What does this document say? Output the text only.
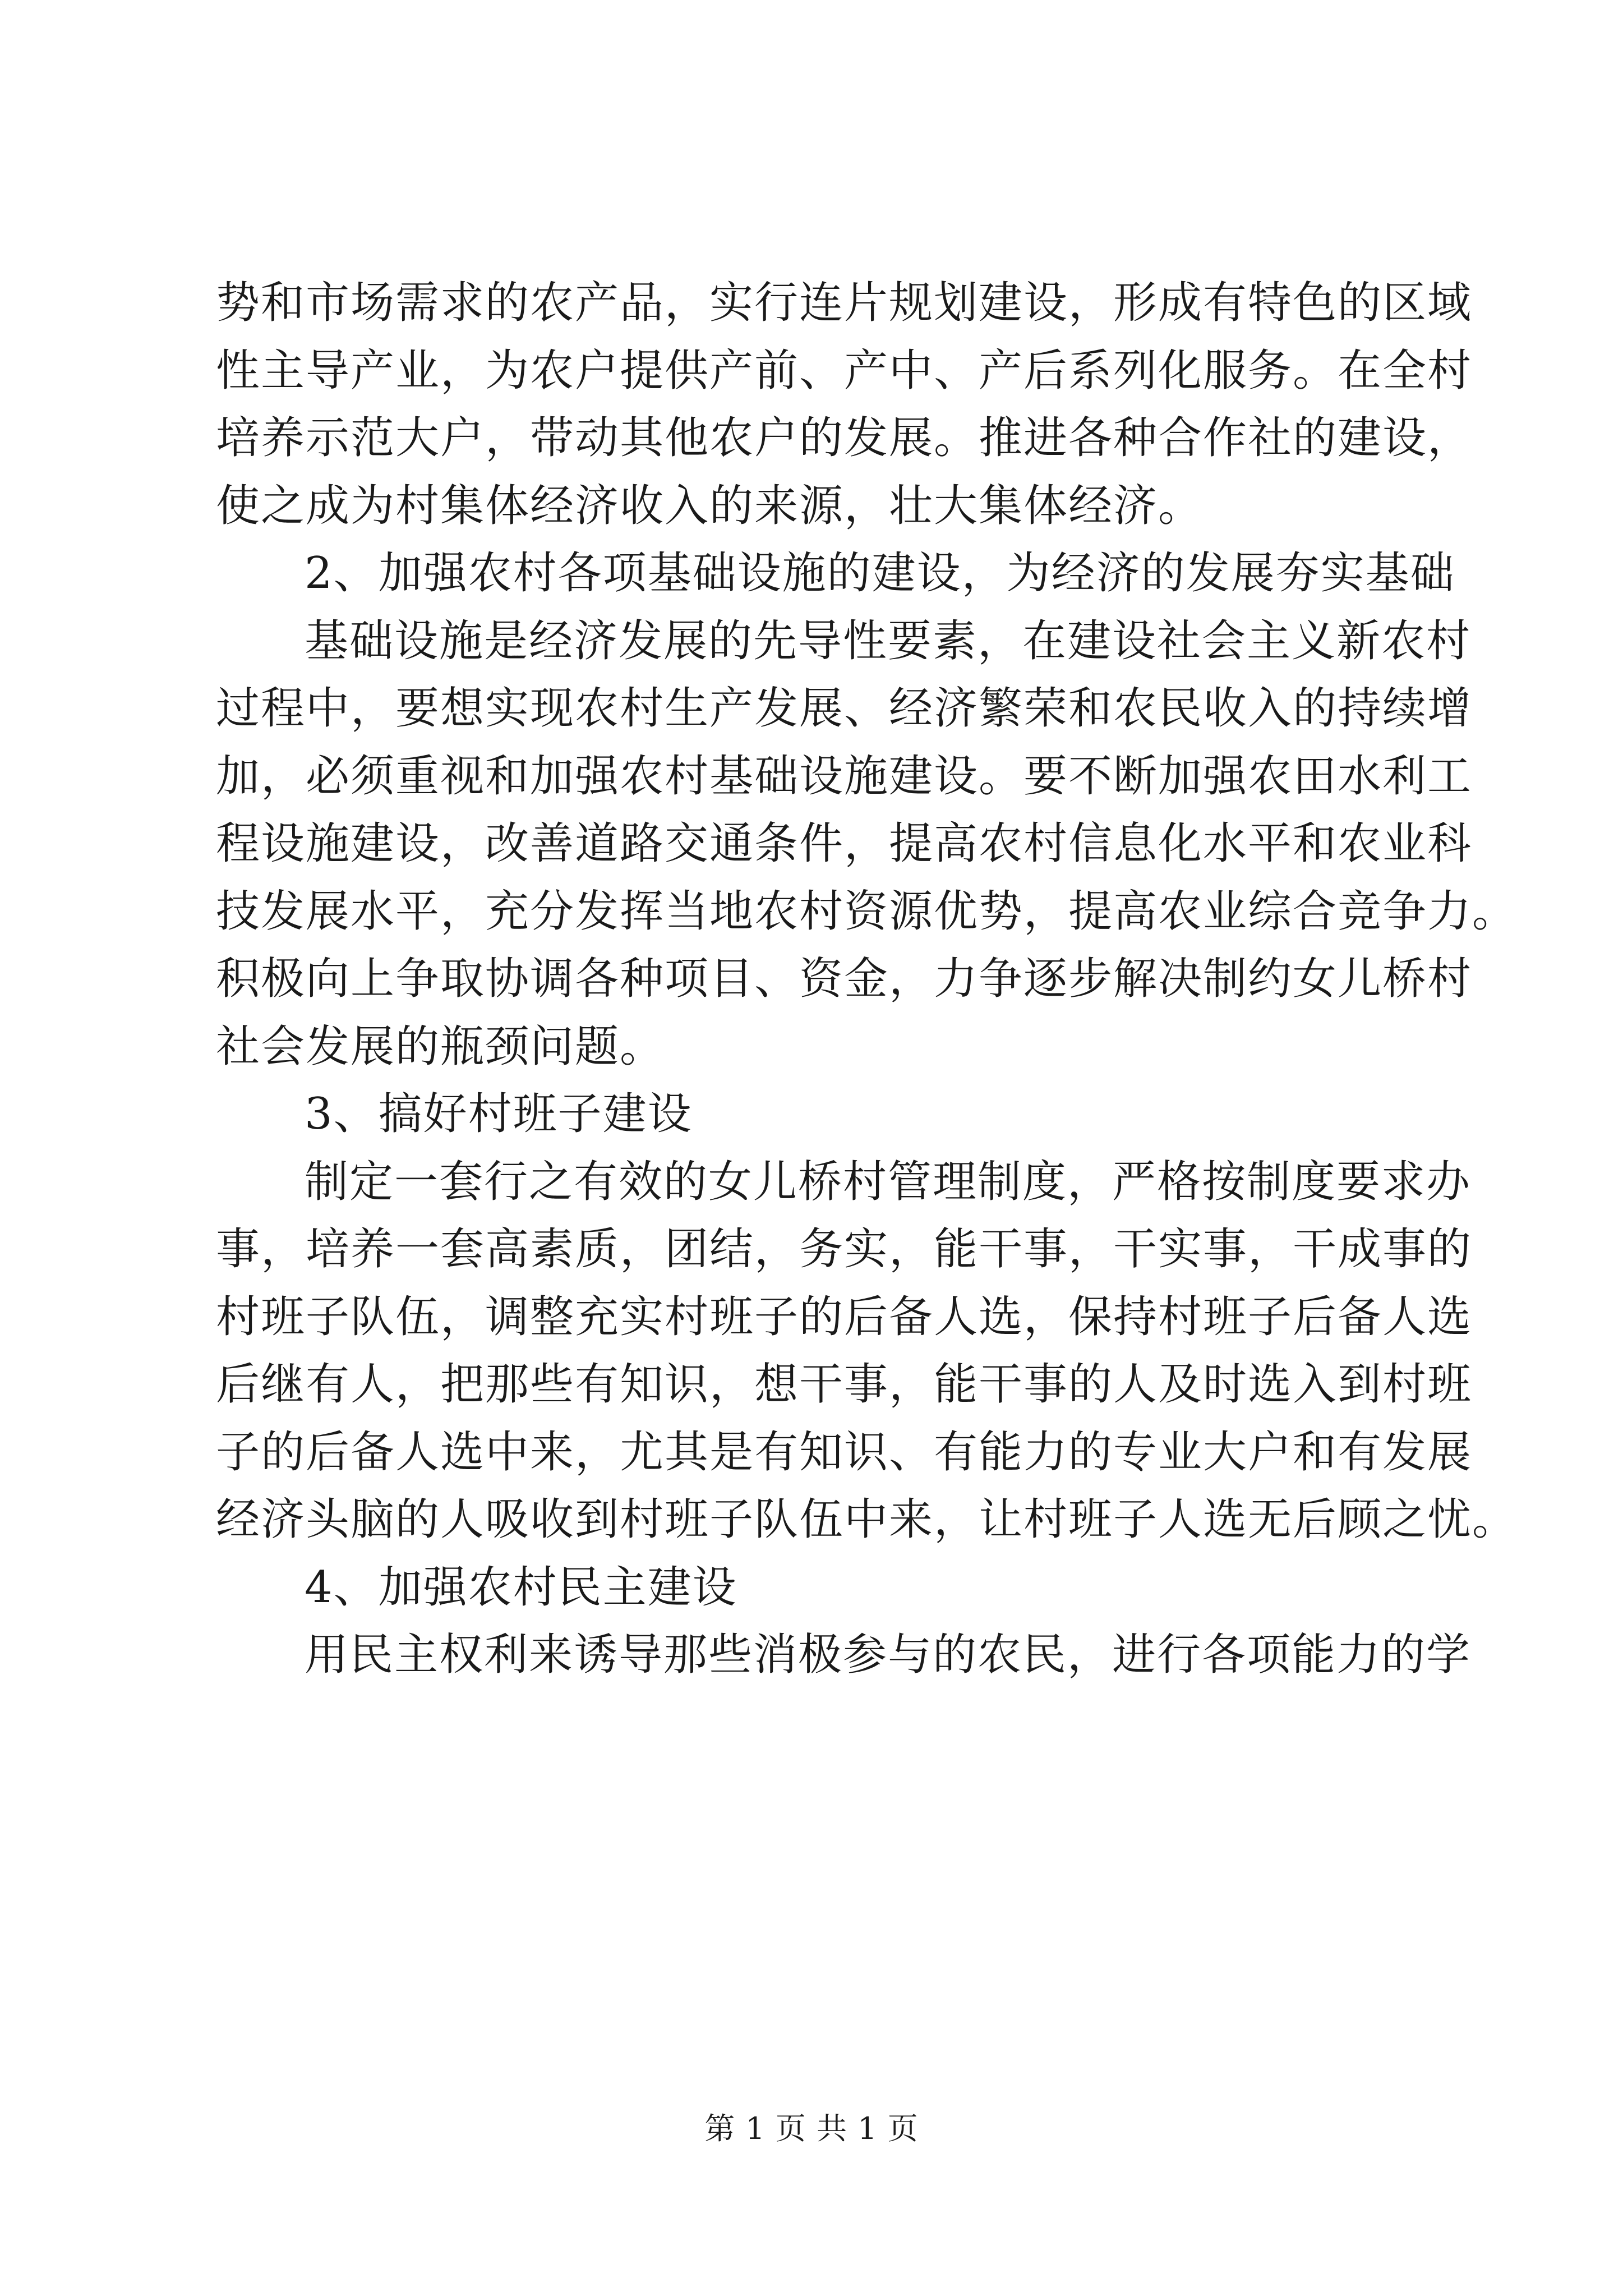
势和市场需求的农产品，实行连片规划建设，形成有特色的区域
性主导产业，为农户提供产前、产中、产后系列化服务。在全村
培养示范大户，带动其他农户的发展。推进各种合作社的建设，
使之成为村集体经济收入的来源，壮大集体经济。
2、加强农村各项基础设施的建设，为经济的发展夯实基础
基础设施是经济发展的先导性要素，在建设社会主义新农村
过程中，要想实现农村生产发展、经济繁荣和农民收入的持续增
加，必须重视和加强农村基础设施建设。要不断加强农田水利工
程设施建设，改善道路交通条件，提高农村信息化水平和农业科
技发展水平，充分发挥当地农村资源优势，提高农业综合竞争力。
积极向上争取协调各种项目、资金，力争逐步解决制约女儿桥村
社会发展的瓶颈问题。
3、搞好村班子建设
制定一套行之有效的女儿桥村管理制度，严格按制度要求办
事，培养一套高素质，团结，务实，能干事，干实事，干成事的
村班子队伍，调整充实村班子的后备人选，保持村班子后备人选
后继有人，把那些有知识，想干事，能干事的人及时选入到村班
子的后备人选中来，尤其是有知识、有能力的专业大户和有发展
经济头脑的人吸收到村班子队伍中来，让村班子人选无后顾之忧。
4、加强农村民主建设
用民主权利来诱导那些消极参与的农民，进行各项能力的学
第 1 页 共 1 页
